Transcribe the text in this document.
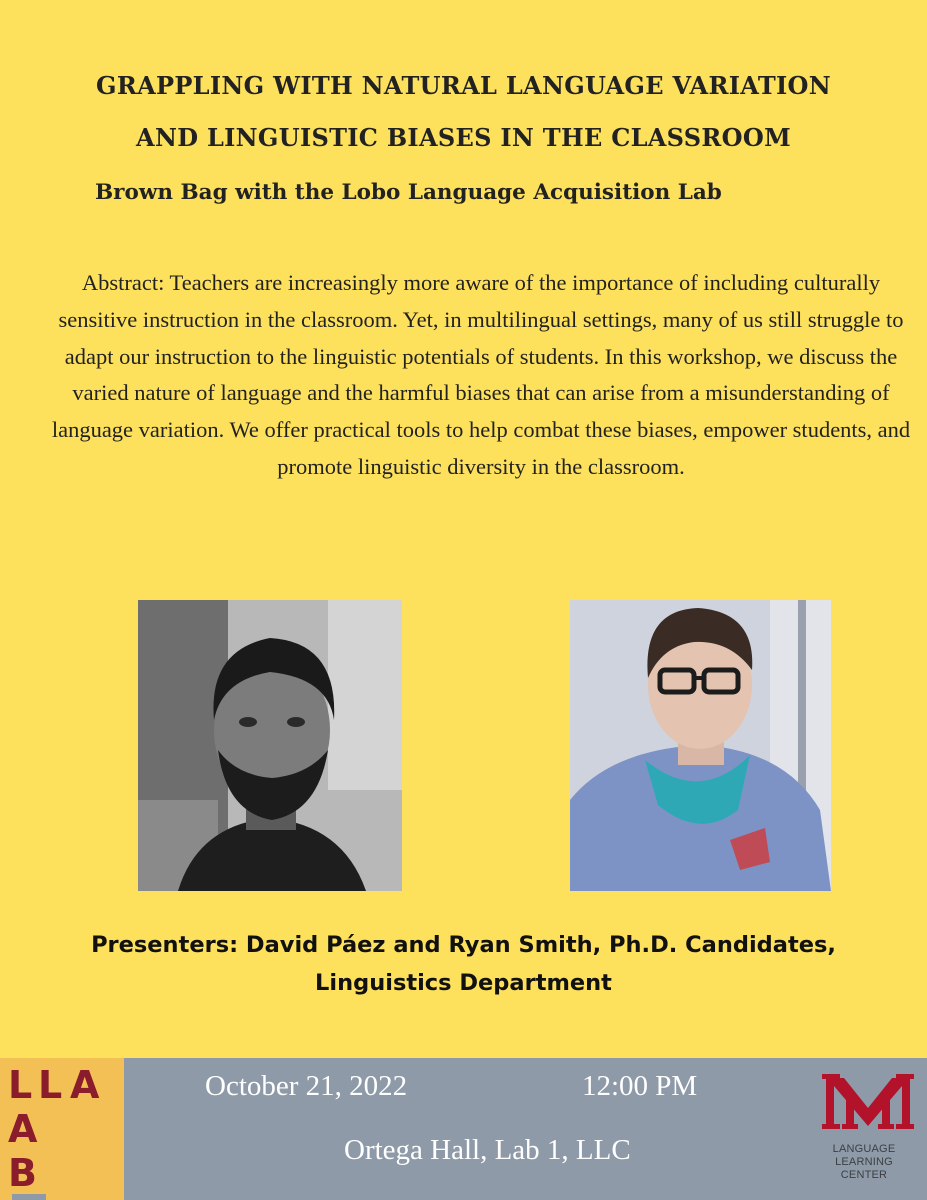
GRAPPLING WITH NATURAL LANGUAGE VARIATION
AND LINGUISTIC BIASES IN THE CLASSROOM
Brown Bag with the Lobo Language Acquisition Lab
Abstract: Teachers are increasingly more aware of the importance of including culturally sensitive instruction in the classroom. Yet, in multilingual settings, many of us still struggle to adapt our instruction to the linguistic potentials of students. In this workshop, we discuss the varied nature of language and the harmful biases that can arise from a misunderstanding of language variation. We offer practical tools to help combat these biases, empower students, and promote linguistic diversity in the classroom.
Presenters: David Páez and Ryan Smith, Ph.D. Candidates,
Linguistics Department
L L A
A
B
October 21, 2022	12:00 PM
Ortega Hall, Lab 1, LLC	LANGUAGE
LEARNING
CENTER
